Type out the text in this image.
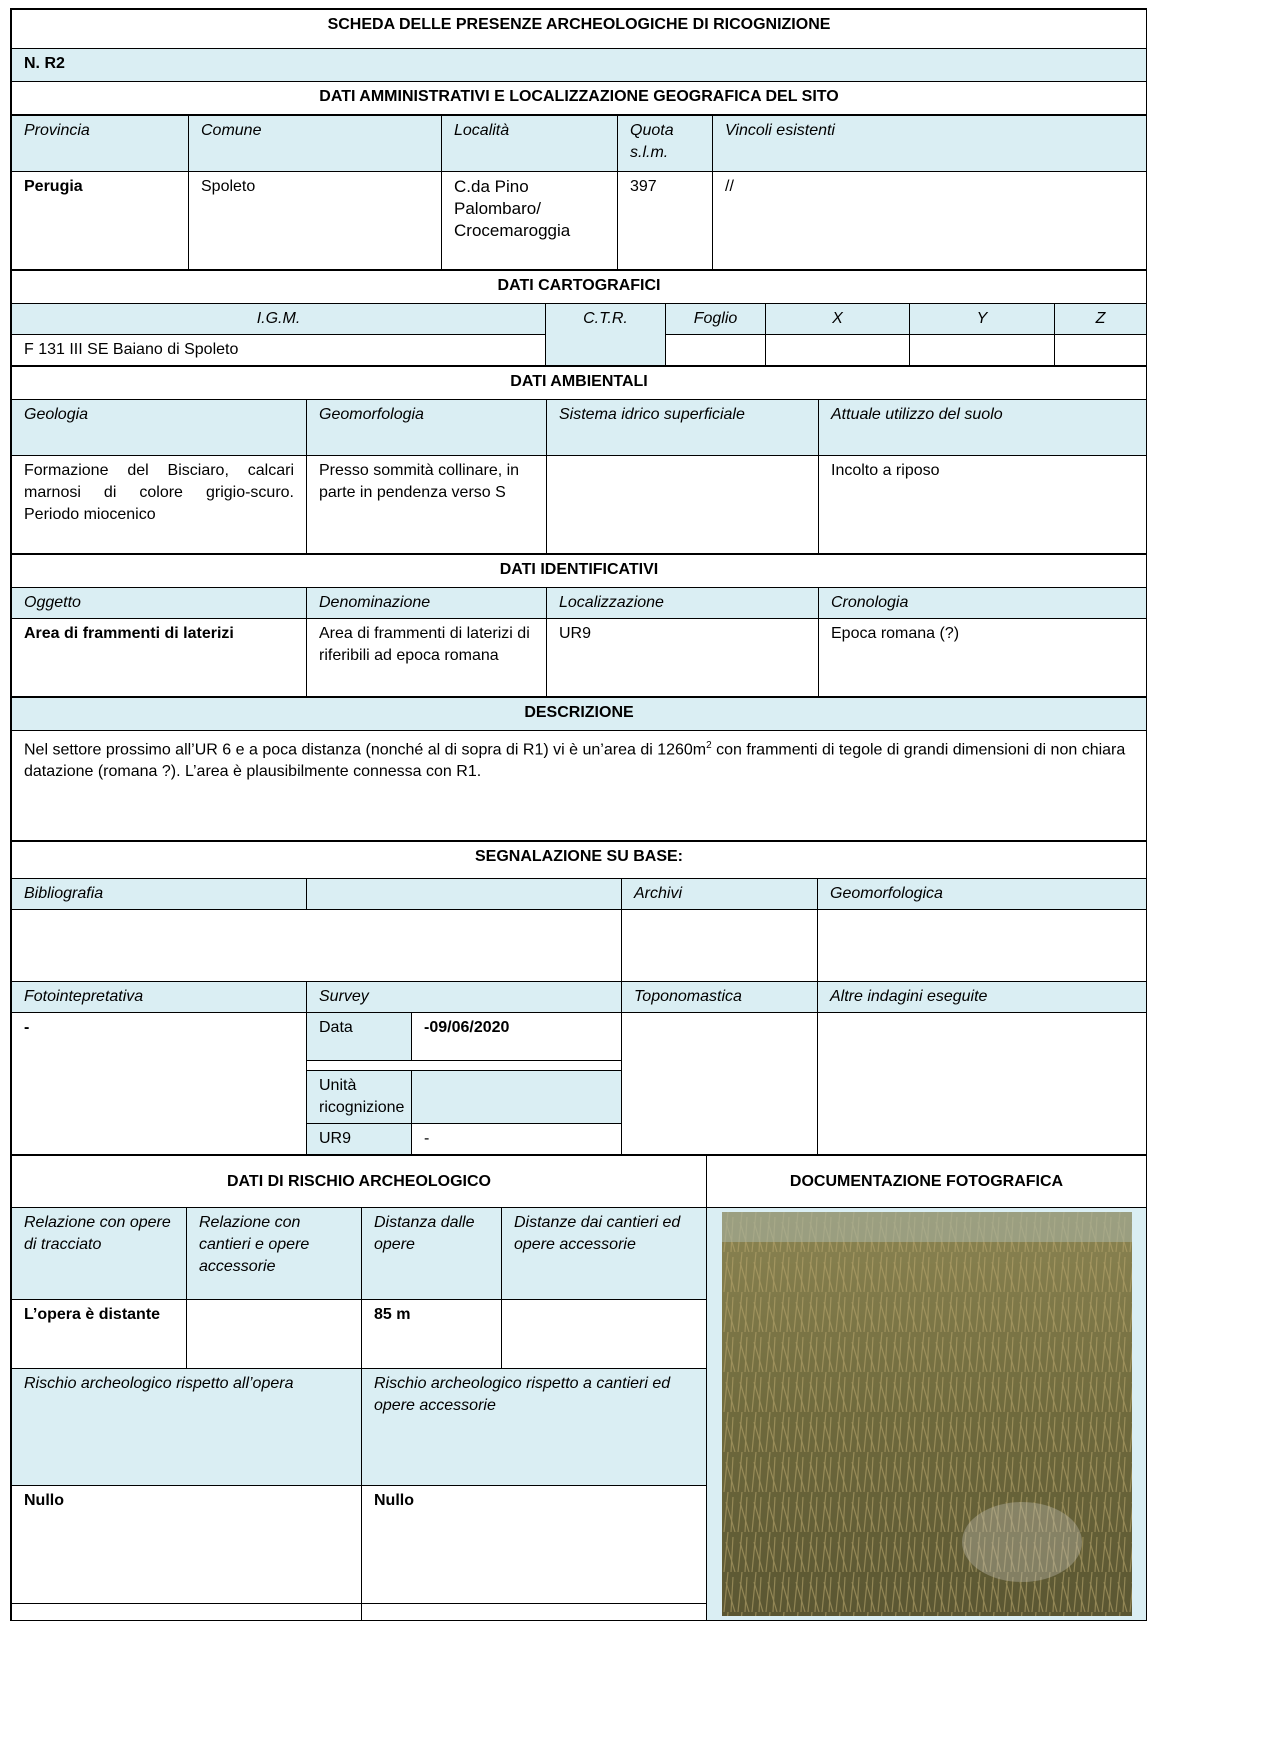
SCHEDA DELLE PRESENZE ARCHEOLOGICHE DI RICOGNIZIONE
N. R2
DATI AMMINISTRATIVI E LOCALIZZAZIONE GEOGRAFICA DEL SITO
Provincia	Comune	Località	Quota s.l.m.	Vincoli esistenti
Perugia	Spoleto	C.da Pino Palombaro/ Crocemaroggia	397	//
DATI CARTOGRAFICI					
I.G.M.	C.T.R.	Foglio	X	Y	Z
F 131 III SE Baiano di Spoleto					
DATI AMBIENTALI			
Geologia	Geomorfologia	Sistema idrico superficiale	Attuale utilizzo del suolo
Formazione del Bisciaro, calcari marnosi di colore grigio-scuro. Periodo miocenico	Presso sommità collinare, in parte in pendenza verso S		Incolto a riposo
DATI IDENTIFICATIVI			
Oggetto	Denominazione	Localizzazione	Cronologia
Area di frammenti di laterizi	Area di frammenti di laterizi di riferibili ad epoca romana	UR9	Epoca romana (?)
DESCRIZIONE
Nel settore prossimo all’UR 6 e a poca distanza (nonché al di sopra di R1) vi è un’area di $1260m^2$ con frammenti di tegole di grandi dimensioni di non chiara datazione (romana ?). L’area è plausibilmente connessa con R1.
SEGNALAZIONE SU BASE:				
Bibliografia			Archivi	Geomorfologica

Fotointepretativa	Survey		Toponomastica	Altre indagini eseguite
-	Data	-09/06/2020		

	Unità ricognizione			
	UR9	-		
DATI DI RISCHIO ARCHEOLOGICO				DOCUMENTAZIONE FOTOGRAFICA
Relazione con opere di tracciato	Relazione con cantieri e opere accessorie	Distanza dalle opere	Distanze dai cantieri ed opere accessorie	

L’opera è distante		85 m		
Rischio archeologico rispetto all’opera		Rischio archeologico rispetto a cantieri ed opere accessorie		
Nullo		Nullo		
